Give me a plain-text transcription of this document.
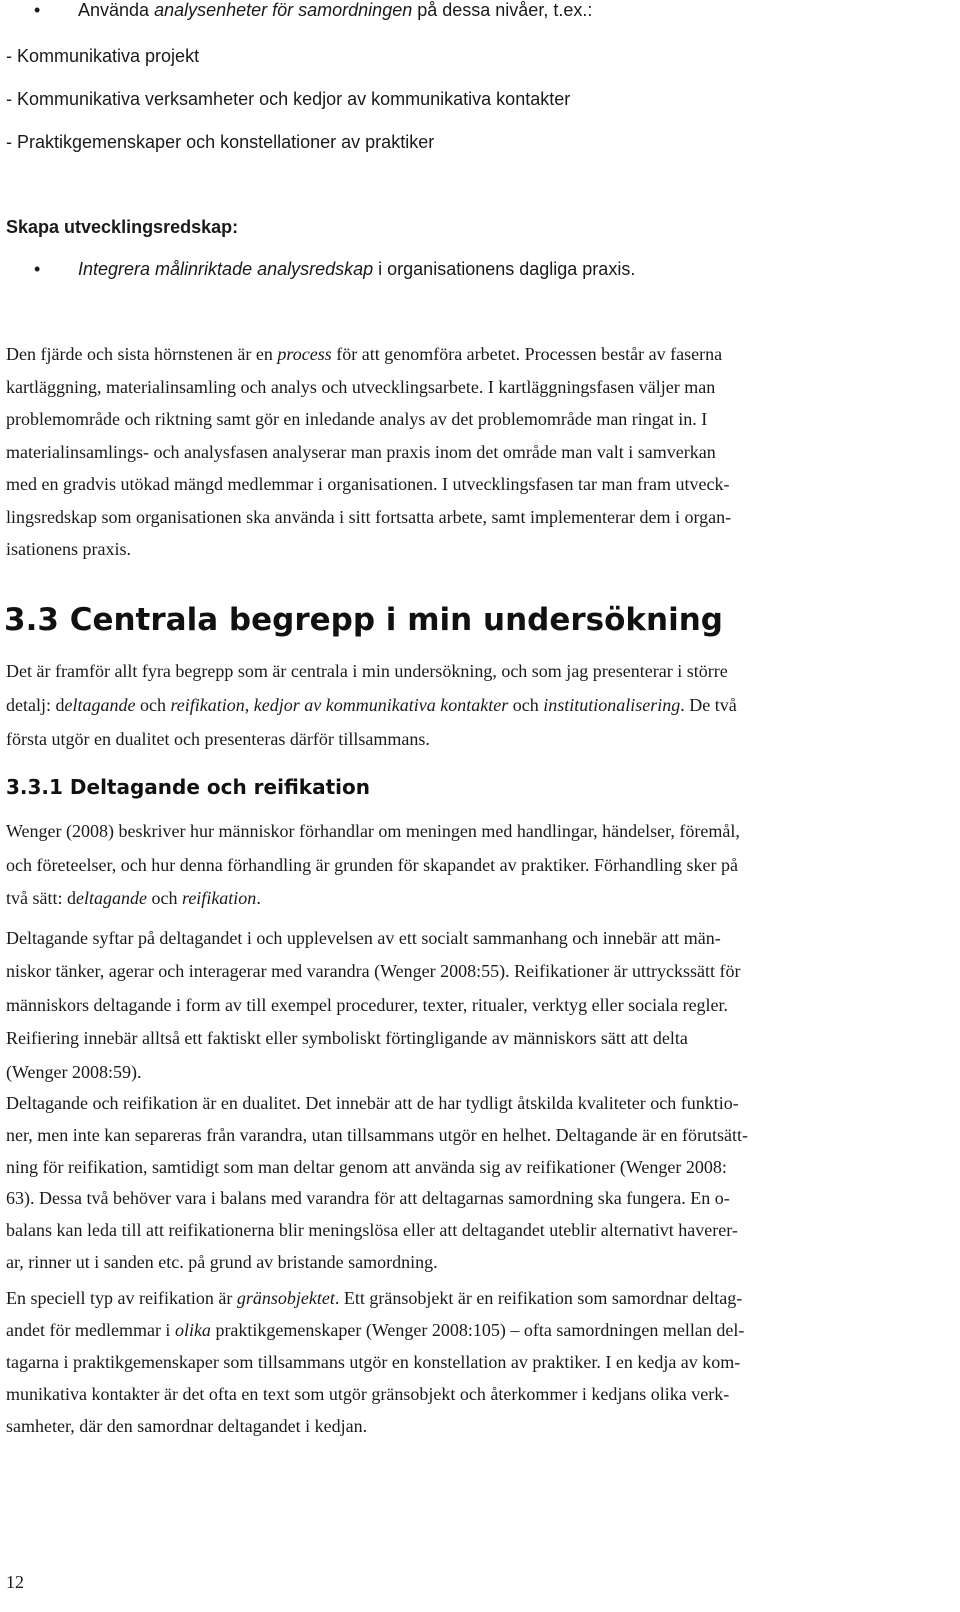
• Använda analysenheter för samordningen på dessa nivåer, t.ex.:
- Kommunikativa projekt
- Kommunikativa verksamheter och kedjor av kommunikativa kontakter
- Praktikgemenskaper och konstellationer av praktiker
Skapa utvecklingsredskap:
• Integrera målinriktade analysredskap i organisationens dagliga praxis.
Den fjärde och sista hörnstenen är en process för att genomföra arbetet. Processen består av faserna
kartläggning, materialinsamling och analys och utvecklingsarbete. I kartläggningsfasen väljer man
problemområde och riktning samt gör en inledande analys av det problemområde man ringat in. I
materialinsamlings- och analysfasen analyserar man praxis inom det område man valt i samverkan
med en gradvis utökad mängd medlemmar i organisationen. I utvecklingsfasen tar man fram utveck-
lingsredskap som organisationen ska använda i sitt fortsatta arbete, samt implementerar dem i organ-
isationens praxis.
3.3 Centrala begrepp i min undersökning
Det är framför allt fyra begrepp som är centrala i min undersökning, och som jag presenterar i större
detalj: deltagande och reifikation, kedjor av kommunikativa kontakter och institutionalisering. De två
första utgör en dualitet och presenteras därför tillsammans.
3.3.1 Deltagande och reifikation
Wenger (2008) beskriver hur människor förhandlar om meningen med handlingar, händelser, föremål,
och företeelser, och hur denna förhandling är grunden för skapandet av praktiker. Förhandling sker på
två sätt: deltagande och reifikation.
Deltagande syftar på deltagandet i och upplevelsen av ett socialt sammanhang och innebär att män-
niskor tänker, agerar och interagerar med varandra (Wenger 2008:55). Reifikationer är uttryckssätt för
människors deltagande i form av till exempel procedurer, texter, ritualer, verktyg eller sociala regler.
Reifiering innebär alltså ett faktiskt eller symboliskt förtingligande av människors sätt att delta
(Wenger 2008:59).
Deltagande och reifikation är en dualitet. Det innebär att de har tydligt åtskilda kvaliteter och funktio-
ner, men inte kan separeras från varandra, utan tillsammans utgör en helhet. Deltagande är en förutsätt-
ning för reifikation, samtidigt som man deltar genom att använda sig av reifikationer (Wenger 2008:
63). Dessa två behöver vara i balans med varandra för att deltagarnas samordning ska fungera. En o-
balans kan leda till att reifikationerna blir meningslösa eller att deltagandet uteblir alternativt haverer-
ar, rinner ut i sanden etc. på grund av bristande samordning.
En speciell typ av reifikation är gränsobjektet. Ett gränsobjekt är en reifikation som samordnar deltag-
andet för medlemmar i olika praktikgemenskaper (Wenger 2008:105) – ofta samordningen mellan del-
tagarna i praktikgemenskaper som tillsammans utgör en konstellation av praktiker. I en kedja av kom-
munikativa kontakter är det ofta en text som utgör gränsobjekt och återkommer i kedjans olika verk-
samheter, där den samordnar deltagandet i kedjan.
12
